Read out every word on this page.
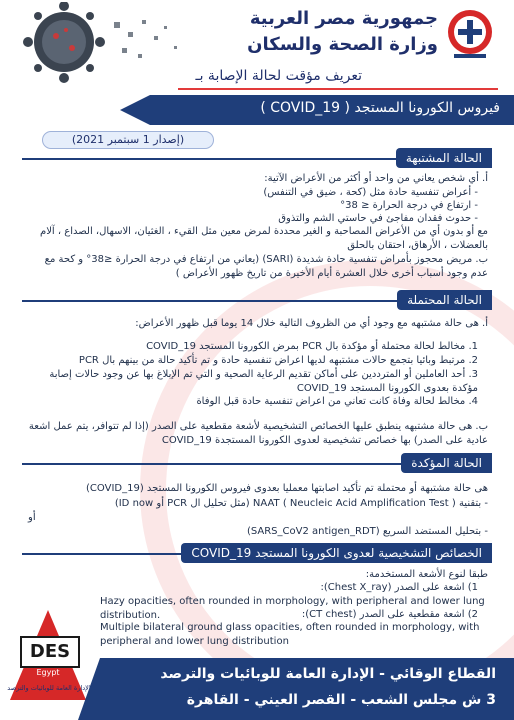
جمهورية مصر العربية
وزارة الصحة والسكان
تعريف مؤقت لحالة الإصابة بـ
فيروس الكورونا المستجد ( COVID_19 )
(إصدار 1 سبتمبر 2021)
الحالة المشتبهة
أ. أي شخص يعاني من واحد أو أكثر من الأعراض الآتية:
- أعراض تنفسية حادة مثل (كحة ، ضيق في التنفس)
- ارتفاع في درجة الحرارة ≤ 38°
- حدوث فقدان مفاجئ في حاستي الشم والتذوق
مع أو بدون أي من الأعراض المصاحبة و الغير محددة لمرض معين مثل القيء ، الغثيان، الاسهال، الصداع ، آلام بالعضلات ، الأرهاق، احتقان بالحلق
ب. مريض محجوز بأمراض تنفسية حادة شديدة (SARI) (يعاني من ارتفاع في درجة الحرارة ≤38° و كحة مع عدم وجود أسباب أخرى خلال العشرة أيام الأخيرة من تاريخ ظهور الأعراض )
الحالة المحتملة
أ. هى حالة مشتبهه مع وجود أي من الظروف التالية خلال 14 يوما قبل ظهور الأعراض:
1. مخالط لحالة محتملة أو مؤكدة بال PCR بمرض الكورونا المستجد COVID_19
2. مرتبط وبائيا بتجمع حالات مشتبهه لديها اعراض تنفسية حادة و تم تأكيد حالة من بينهم بال PCR
3. أحد العاملين أو المترددين على أماكن تقديم الرعاية الصحية و التي تم الإبلاغ بها عن وجود حالات إصابة مؤكدة بعدوى الكورونا المستجد COVID_19
4. مخالط لحالة وفاة كانت تعاني من اعراض تنفسية حادة قبل الوفاة
ب. هى حالة مشتبهه ينطبق عليها الخصائص التشخيصية لأشعة مقطعية على الصدر (إذا لم تتوافر، يتم عمل اشعة عادية على الصدر) بها خصائص تشخيصية لعدوى الكورونا المستجدة COVID_19
الحالة المؤكدة
هى حالة مشتبهة أو محتملة تم تأكيد اصابتها معمليا بعدوى فيروس الكورونا المستجد (COVID_19)
- بتقنية NAAT ( Neucleic Acid Amplification Test ) (مثل تحليل ال PCR أو ID now)
أو
- بتحليل المستضد السريع (SARS_CoV2 antigen_RDT)
الخصائص التشخيصية لعدوى الكورونا المستجد COVID_19
طبقا لنوع الأشعة المستخدمة:
1) اشعة على الصدر (Chest X_ray):
Hazy opacities, often rounded in morphology, with peripheral and lower lung distribution.	2) اشعة مقطعية على الصدر (CT chest):
Multiple bilateral ground glass opacities, often rounded in morphology, with peripheral and lower lung distribution
DES
Egypt
الإدارة العامة للوبائيات والترصد
القطاع الوقائي - الإدارة العامة للوبائيات والترصد
3 ش مجلس الشعب - القصر العيني - القاهرة
